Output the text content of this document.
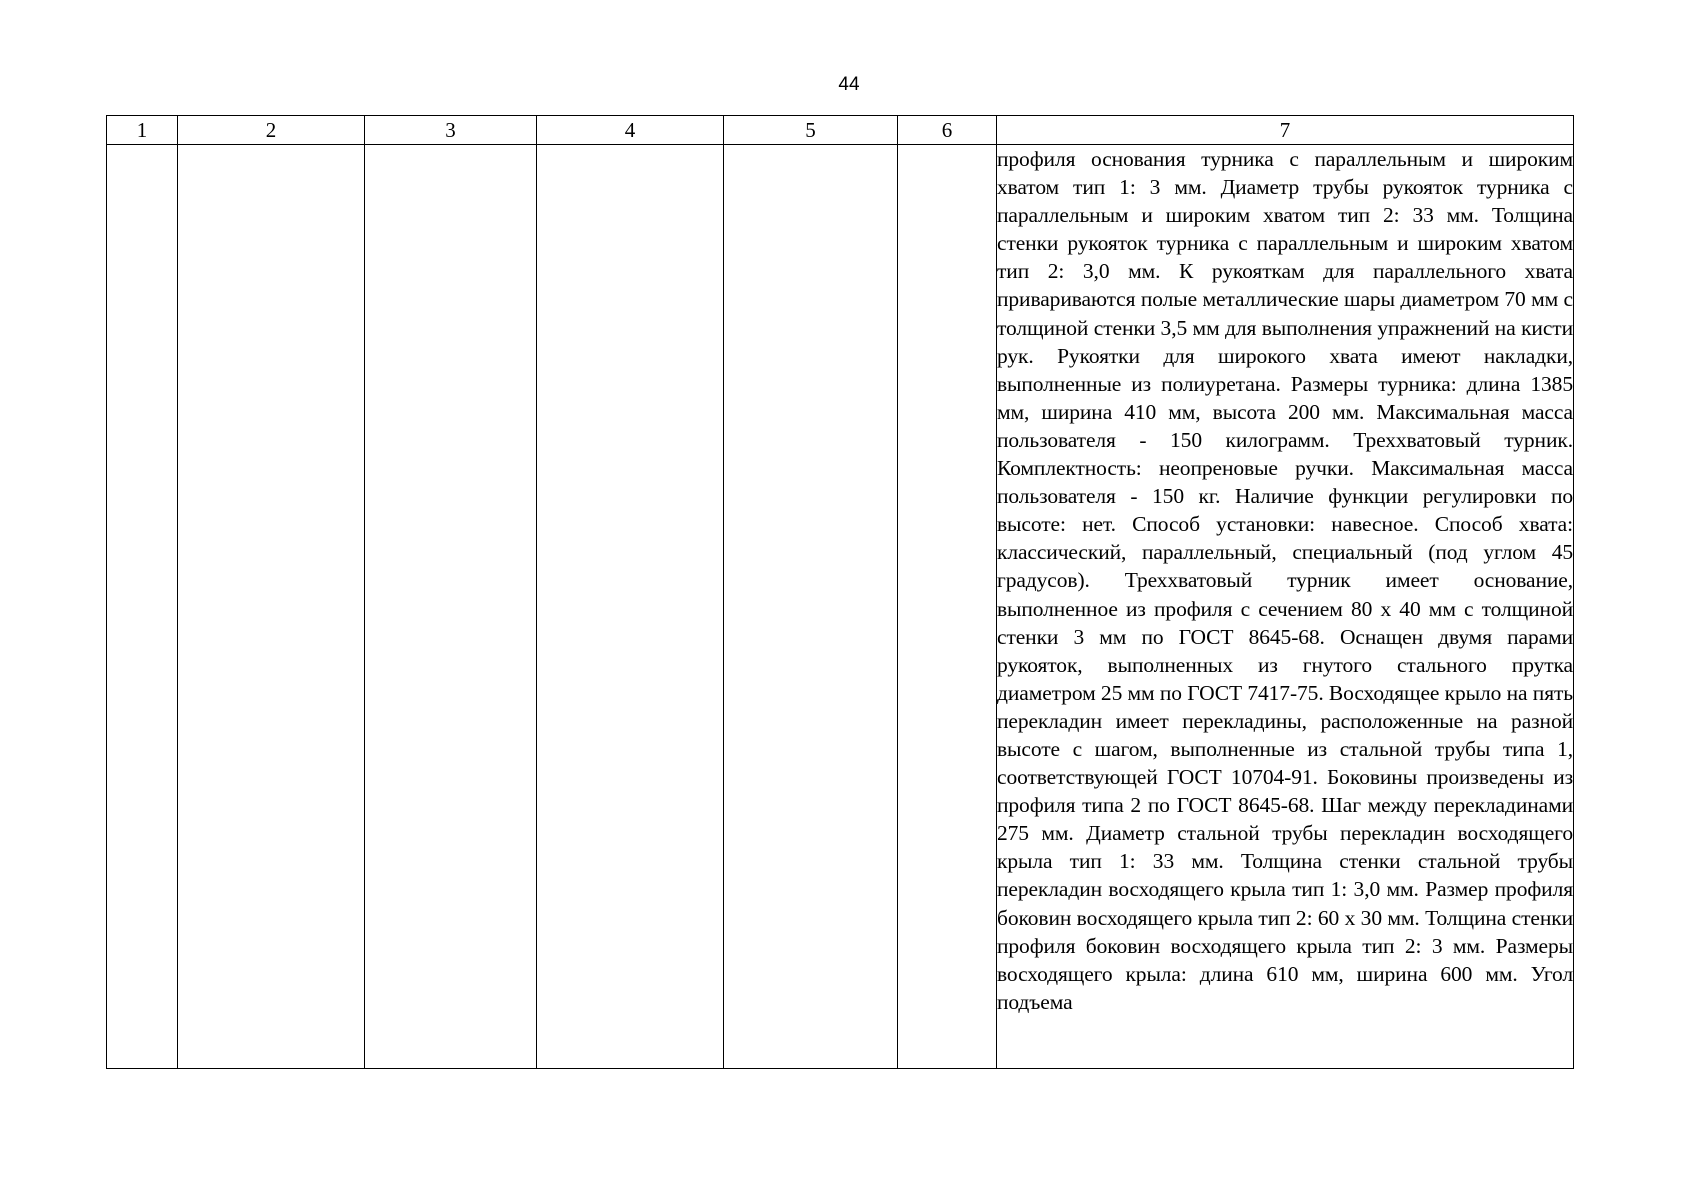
44
1	2	3	4	5	6	7

						профиля основания турника с параллельным и широким хватом тип 1: 3 мм. Диаметр трубы рукояток турника с параллельным и широким хватом тип 2: 33 мм. Толщина стенки рукояток турника с параллельным и широким хватом тип 2: 3,0 мм. К рукояткам для параллельного хвата привариваются полые металлические шары диаметром 70 мм с толщиной стенки 3,5 мм для выполнения упражнений на кисти рук. Рукоятки для широкого хвата имеют накладки, выполненные из полиуретана. Размеры турника: длина 1385 мм, ширина 410 мм, высота 200 мм. Максимальная масса пользователя - 150 килограмм. Треххватовый турник. Комплектность: неопреновые ручки. Максимальная масса пользователя - 150 кг. Наличие функции регулировки по высоте: нет. Способ установки: навесное. Способ хвата: классический, параллельный, специальный (под углом 45 градусов). Треххватовый турник имеет основание, выполненное из профиля с сечением 80 х 40 мм с толщиной стенки 3 мм по ГОСТ 8645-68. Оснащен двумя парами рукояток, выполненных из гнутого стального прутка диаметром 25 мм по ГОСТ 7417-75. Восходящее крыло на пять перекладин имеет перекладины, расположенные на разной высоте с шагом, выполненные из стальной трубы типа 1, соответствующей ГОСТ 10704-91. Боковины произведены из профиля типа 2 по ГОСТ 8645-68. Шаг между перекладинами 275 мм. Диаметр стальной трубы перекладин восходящего крыла тип 1: 33 мм. Толщина стенки стальной трубы перекладин восходящего крыла тип 1: 3,0 мм. Размер профиля боковин восходящего крыла тип 2: 60 х 30 мм. Толщина стенки профиля боковин восходящего крыла тип 2: 3 мм. Размеры восходящего крыла: длина 610 мм, ширина 600 мм. Угол подъема
